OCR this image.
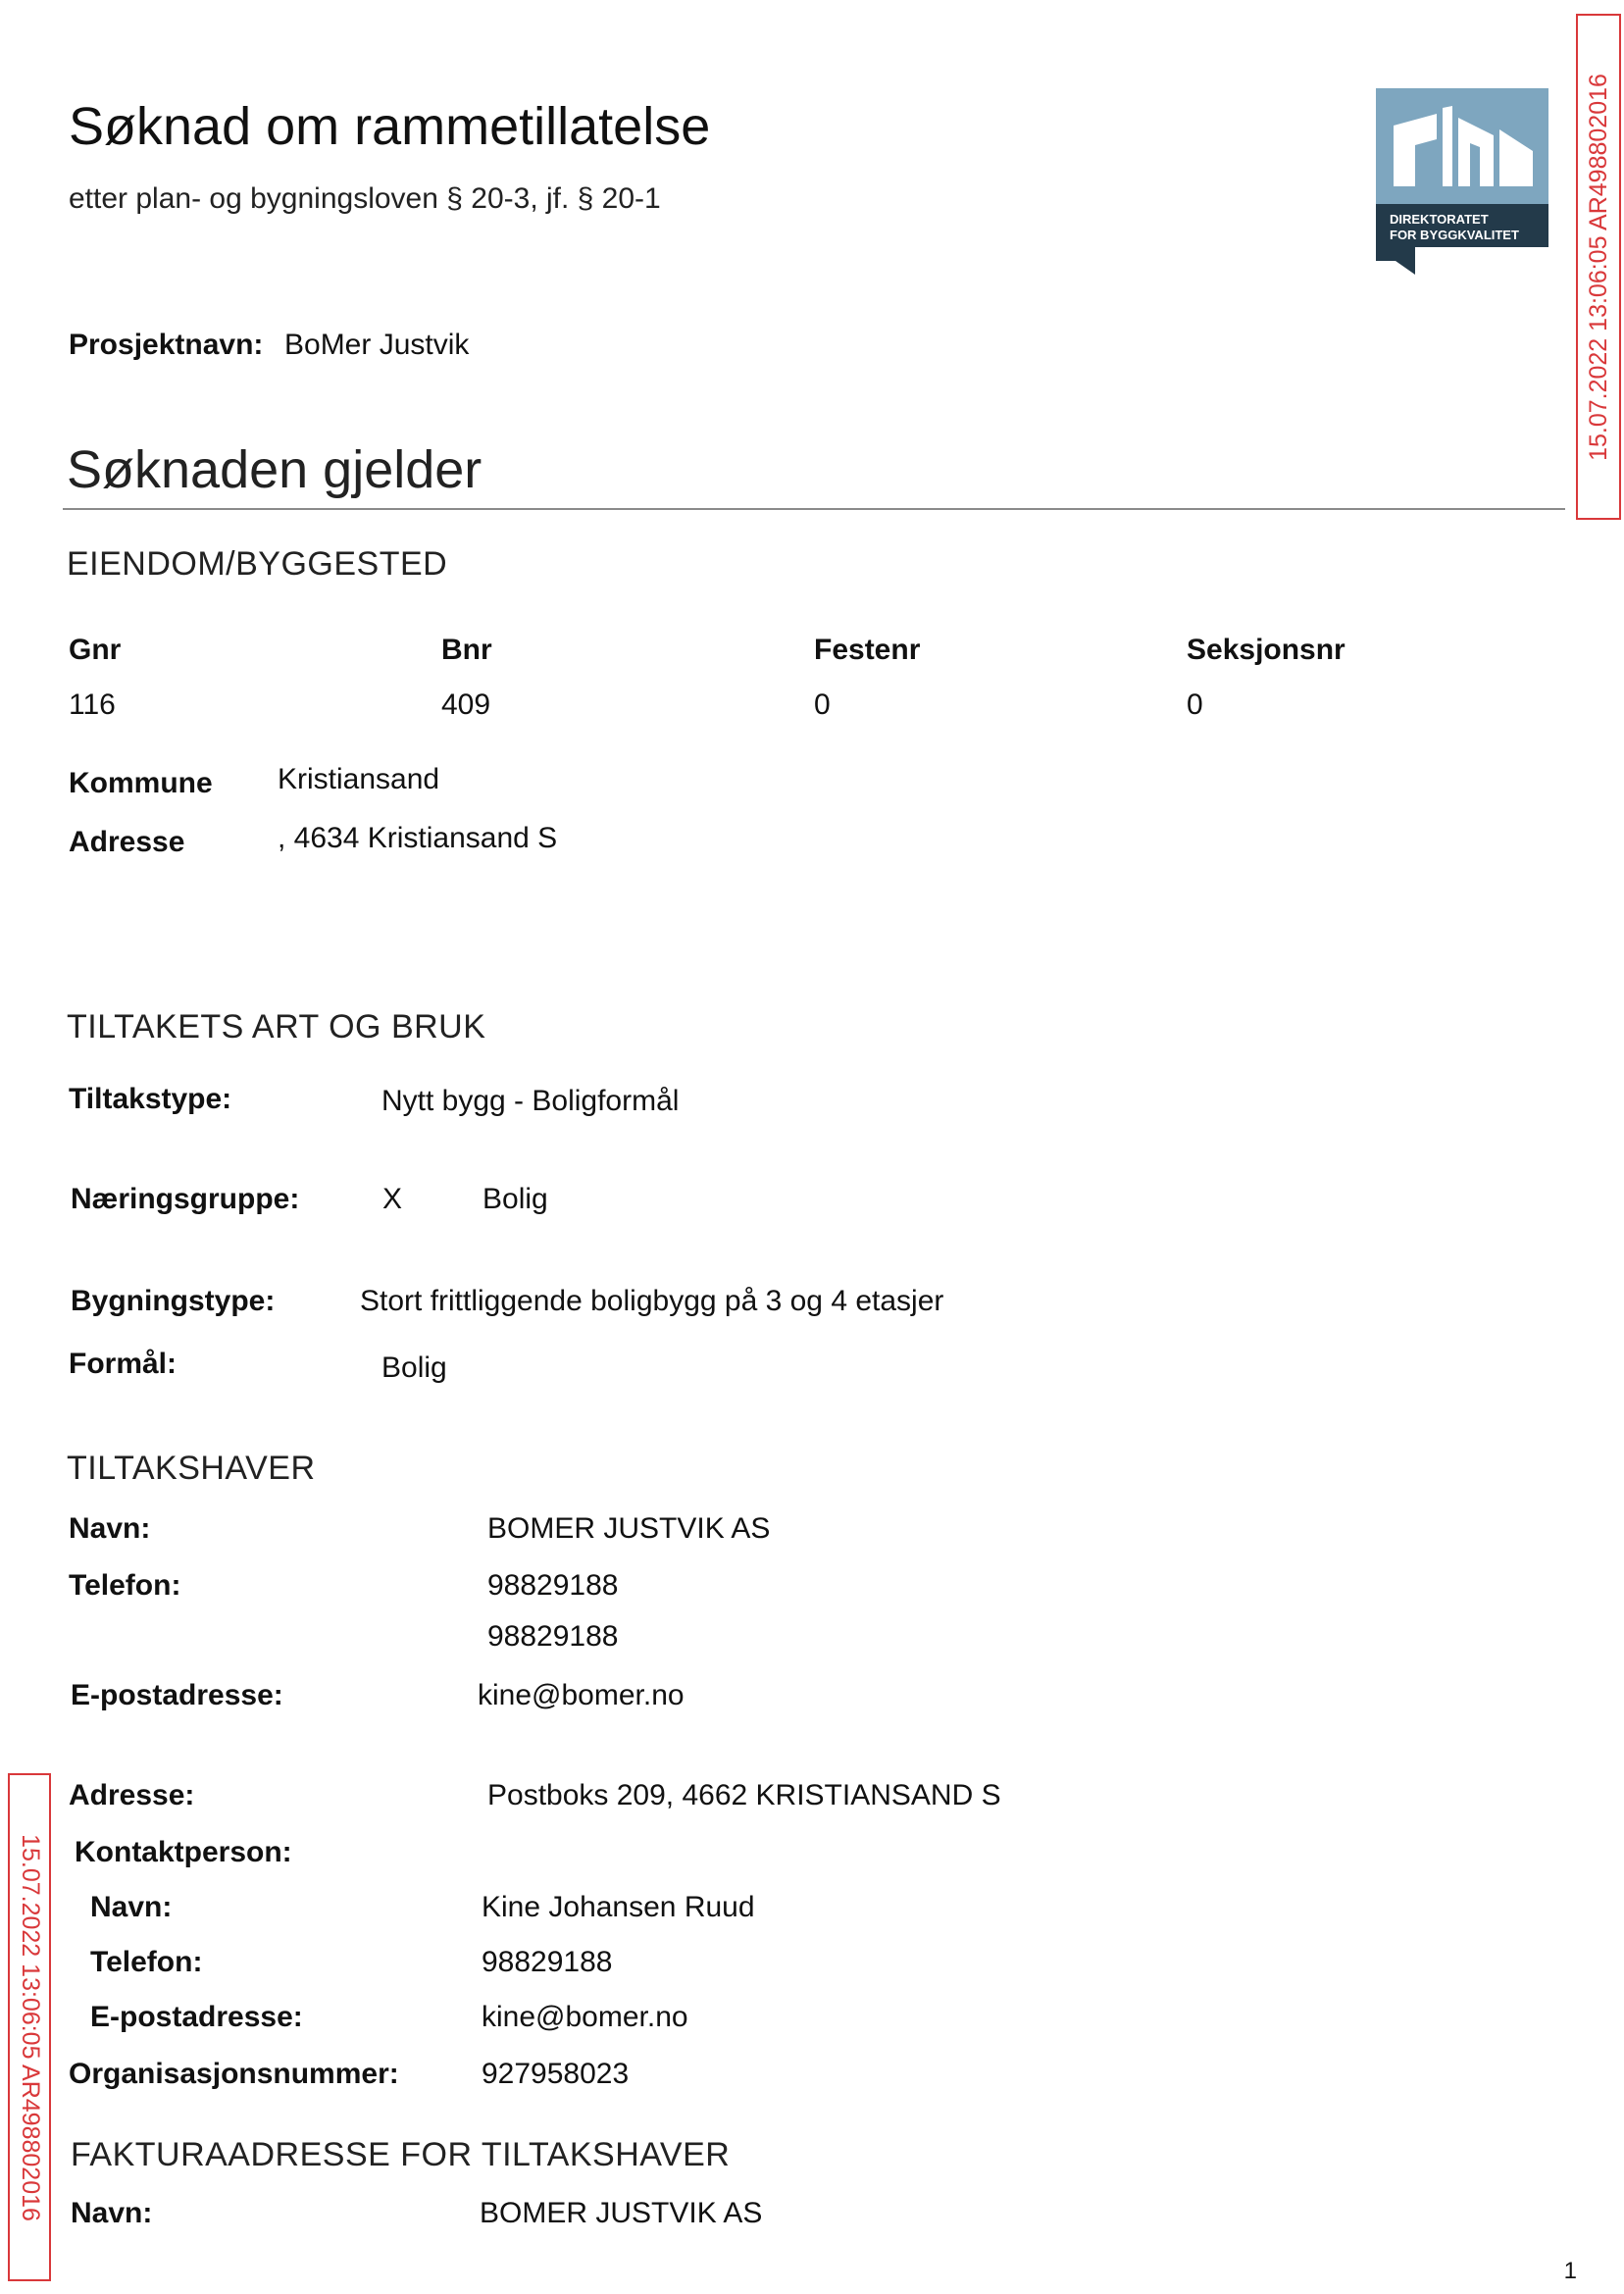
Søknad om rammetillatelse
etter plan- og bygningsloven § 20-3, jf. § 20-1
DIREKTORATET
FOR BYGGKVALITET	15.07.2022 13:06:05 AR498802016
15.07.2022 13:06:05 AR498802016
Prosjektnavn: BoMer Justvik
Søknaden gjelder
EIENDOM/BYGGESTED
Gnr	Bnr	Festenr	Seksjonsnr
116	409	0	0
Kommune Kristiansand
Adresse	, 4634 Kristiansand S
TILTAKETS ART OG BRUK
Tiltakstype:	Nytt bygg - Boligformål
Næringsgruppe:	X	Bolig
Bygningstype:	Stort frittliggende boligbygg på 3 og 4 etasjer
Formål:	Bolig
TILTAKSHAVER
Navn:	BOMER JUSTVIK AS
Telefon:	98829188
98829188
E-postadresse:	kine@bomer.no
Adresse:	Postboks 209, 4662 KRISTIANSAND S
Kontaktperson:
Navn:	Kine Johansen Ruud
Telefon:	98829188
E-postadresse:	kine@bomer.no
Organisasjonsnummer:	927958023
FAKTURAADRESSE FOR TILTAKSHAVER
Navn:	BOMER JUSTVIK AS
1
